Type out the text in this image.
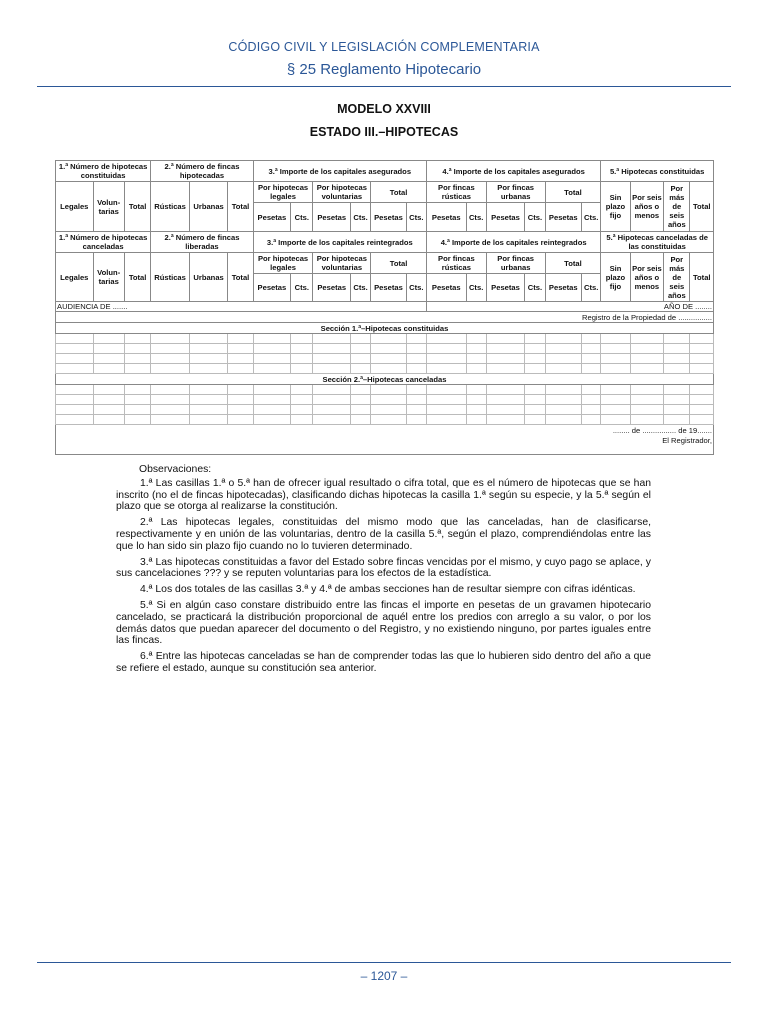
CÓDIGO CIVIL Y LEGISLACIÓN COMPLEMENTARIA
§ 25 Reglamento Hipotecario
MODELO XXVIII
ESTADO III.–HIPOTECAS
1.ª Número de hipotecas constituidas			2.ª Número de fincas hipotecadas			3.ª Importe de los capitales asegurados						4.ª Importe de los capitales asegurados						5.ª Hipotecas constituidas			
Legales	Volun- tarias	Total	Rústicas	Urbanas	Total	Por hipotecas legales		Por hipotecas voluntarias		Total		Por fincas rústicas		Por fincas urbanas		Total		Sin plazo fijo	Por seis años o menos	Por más de seis años	Total
						Pesetas	Cts.	Pesetas	Cts.	Pesetas	Cts.	Pesetas	Cts.	Pesetas	Cts.	Pesetas	Cts.				
1.ª Número de hipotecas canceladas			2.ª Número de fincas liberadas			3.ª Importe de los capitales reintegrados						4.ª Importe de los capitales reintegrados						5.ª Hipotecas canceladas de las constituidas			
Legales	Volun- tarias	Total	Rústicas	Urbanas	Total	Por hipotecas legales		Por hipotecas voluntarias		Total		Por fincas rústicas		Por fincas urbanas		Total		Sin plazo fijo	Por seis años o menos	Por más de seis años	Total
						Pesetas	Cts.	Pesetas	Cts.	Pesetas	Cts.	Pesetas	Cts.	Pesetas	Cts.	Pesetas	Cts.				
AUDIENCIA DE .......												AÑO DE ........									
Registro de la Propiedad de ................																					
Sección 1.ª–Hipotecas constituidas																					

Sección 2.ª–Hipotecas canceladas																					

........ de ................ de 19.......																					
El Registrador,																					

Observaciones:

1.ª Las casillas 1.ª o 5.ª han de ofrecer igual resultado o cifra total, que es el número de hipotecas que se han inscrito (no el de fincas hipotecadas), clasificando dichas hipotecas la casilla 1.ª según su especie, y la 5.ª según el plazo que se otorga al realizarse la constitución.

2.ª Las hipotecas legales, constituidas del mismo modo que las canceladas, han de clasificarse, respectivamente y en unión de las voluntarias, dentro de la casilla 5.ª, según el plazo, comprendiéndolas entre las que lo han sido sin plazo fijo cuando no lo tuvieren determinado.

3.ª Las hipotecas constituidas a favor del Estado sobre fincas vencidas por el mismo, y cuyo pago se aplace, y sus cancelaciones ??? y se reputen voluntarias para los efectos de la estadística.

4.ª Los dos totales de las casillas 3.ª y 4.ª de ambas secciones han de resultar siempre con cifras idénticas.

5.ª Si en algún caso constare distribuido entre las fincas el importe en pesetas de un gravamen hipotecario cancelado, se practicará la distribución proporcional de aquél entre los predios con arreglo a su valor, o por los demás datos que puedan aparecer del documento o del Registro, y no existiendo ninguno, por partes iguales entre las fincas.

6.ª Entre las hipotecas canceladas se han de comprender todas las que lo hubieren sido dentro del año a que se refiere el estado, aunque su constitución sea anterior.

– 1207 –
